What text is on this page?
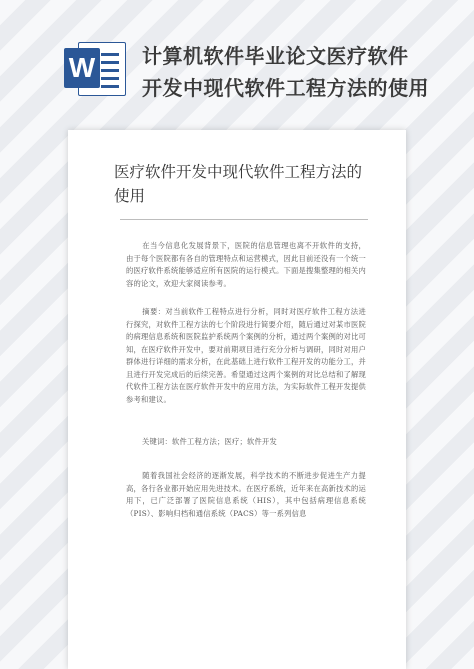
W 计算机软件毕业论文医疗软件
开发中现代软件工程方法的使用
医疗软件开发中现代软件工程方法的
使用
在当今信息化发展背景下，医院的信息管理也离不开软件的支持，由于每个医院都有各自的管理特点和运营模式，因此目前还没有一个统一的医疗软件系统能够适应所有医院的运行模式。下面是搜集整理的相关内容的论文，欢迎大家阅读参考。
摘要：对当前软件工程特点进行分析，同时对医疗软件工程方法进行探究，对软件工程方法的七个阶段进行简要介绍，随后通过对某市医院的病理信息系统和医院监护系统两个案例的分析，通过两个案例的对比可知，在医疗软件开发中，要对前期项目进行充分分析与调研，同时对用户群体进行详细的需求分析，在此基础上进行软件工程开发的功能分工，并且进行开发完成后的后续完善。希望通过这两个案例的对比总结和了解现代软件工程方法在医疗软件开发中的应用方法，为实际软件工程开发提供参考和建议。
关键词：软件工程方法；医疗；软件开发
随着我国社会经济的逐渐发展，科学技术的不断进步促进生产力提高，各行各业都开始应用先进技术。在医疗系统，近年来在高新技术的运用下，已广泛部署了医院信息系统（HIS），其中包括病理信息系统（PIS）、影响归档和通信系统（PACS）等一系列信息
